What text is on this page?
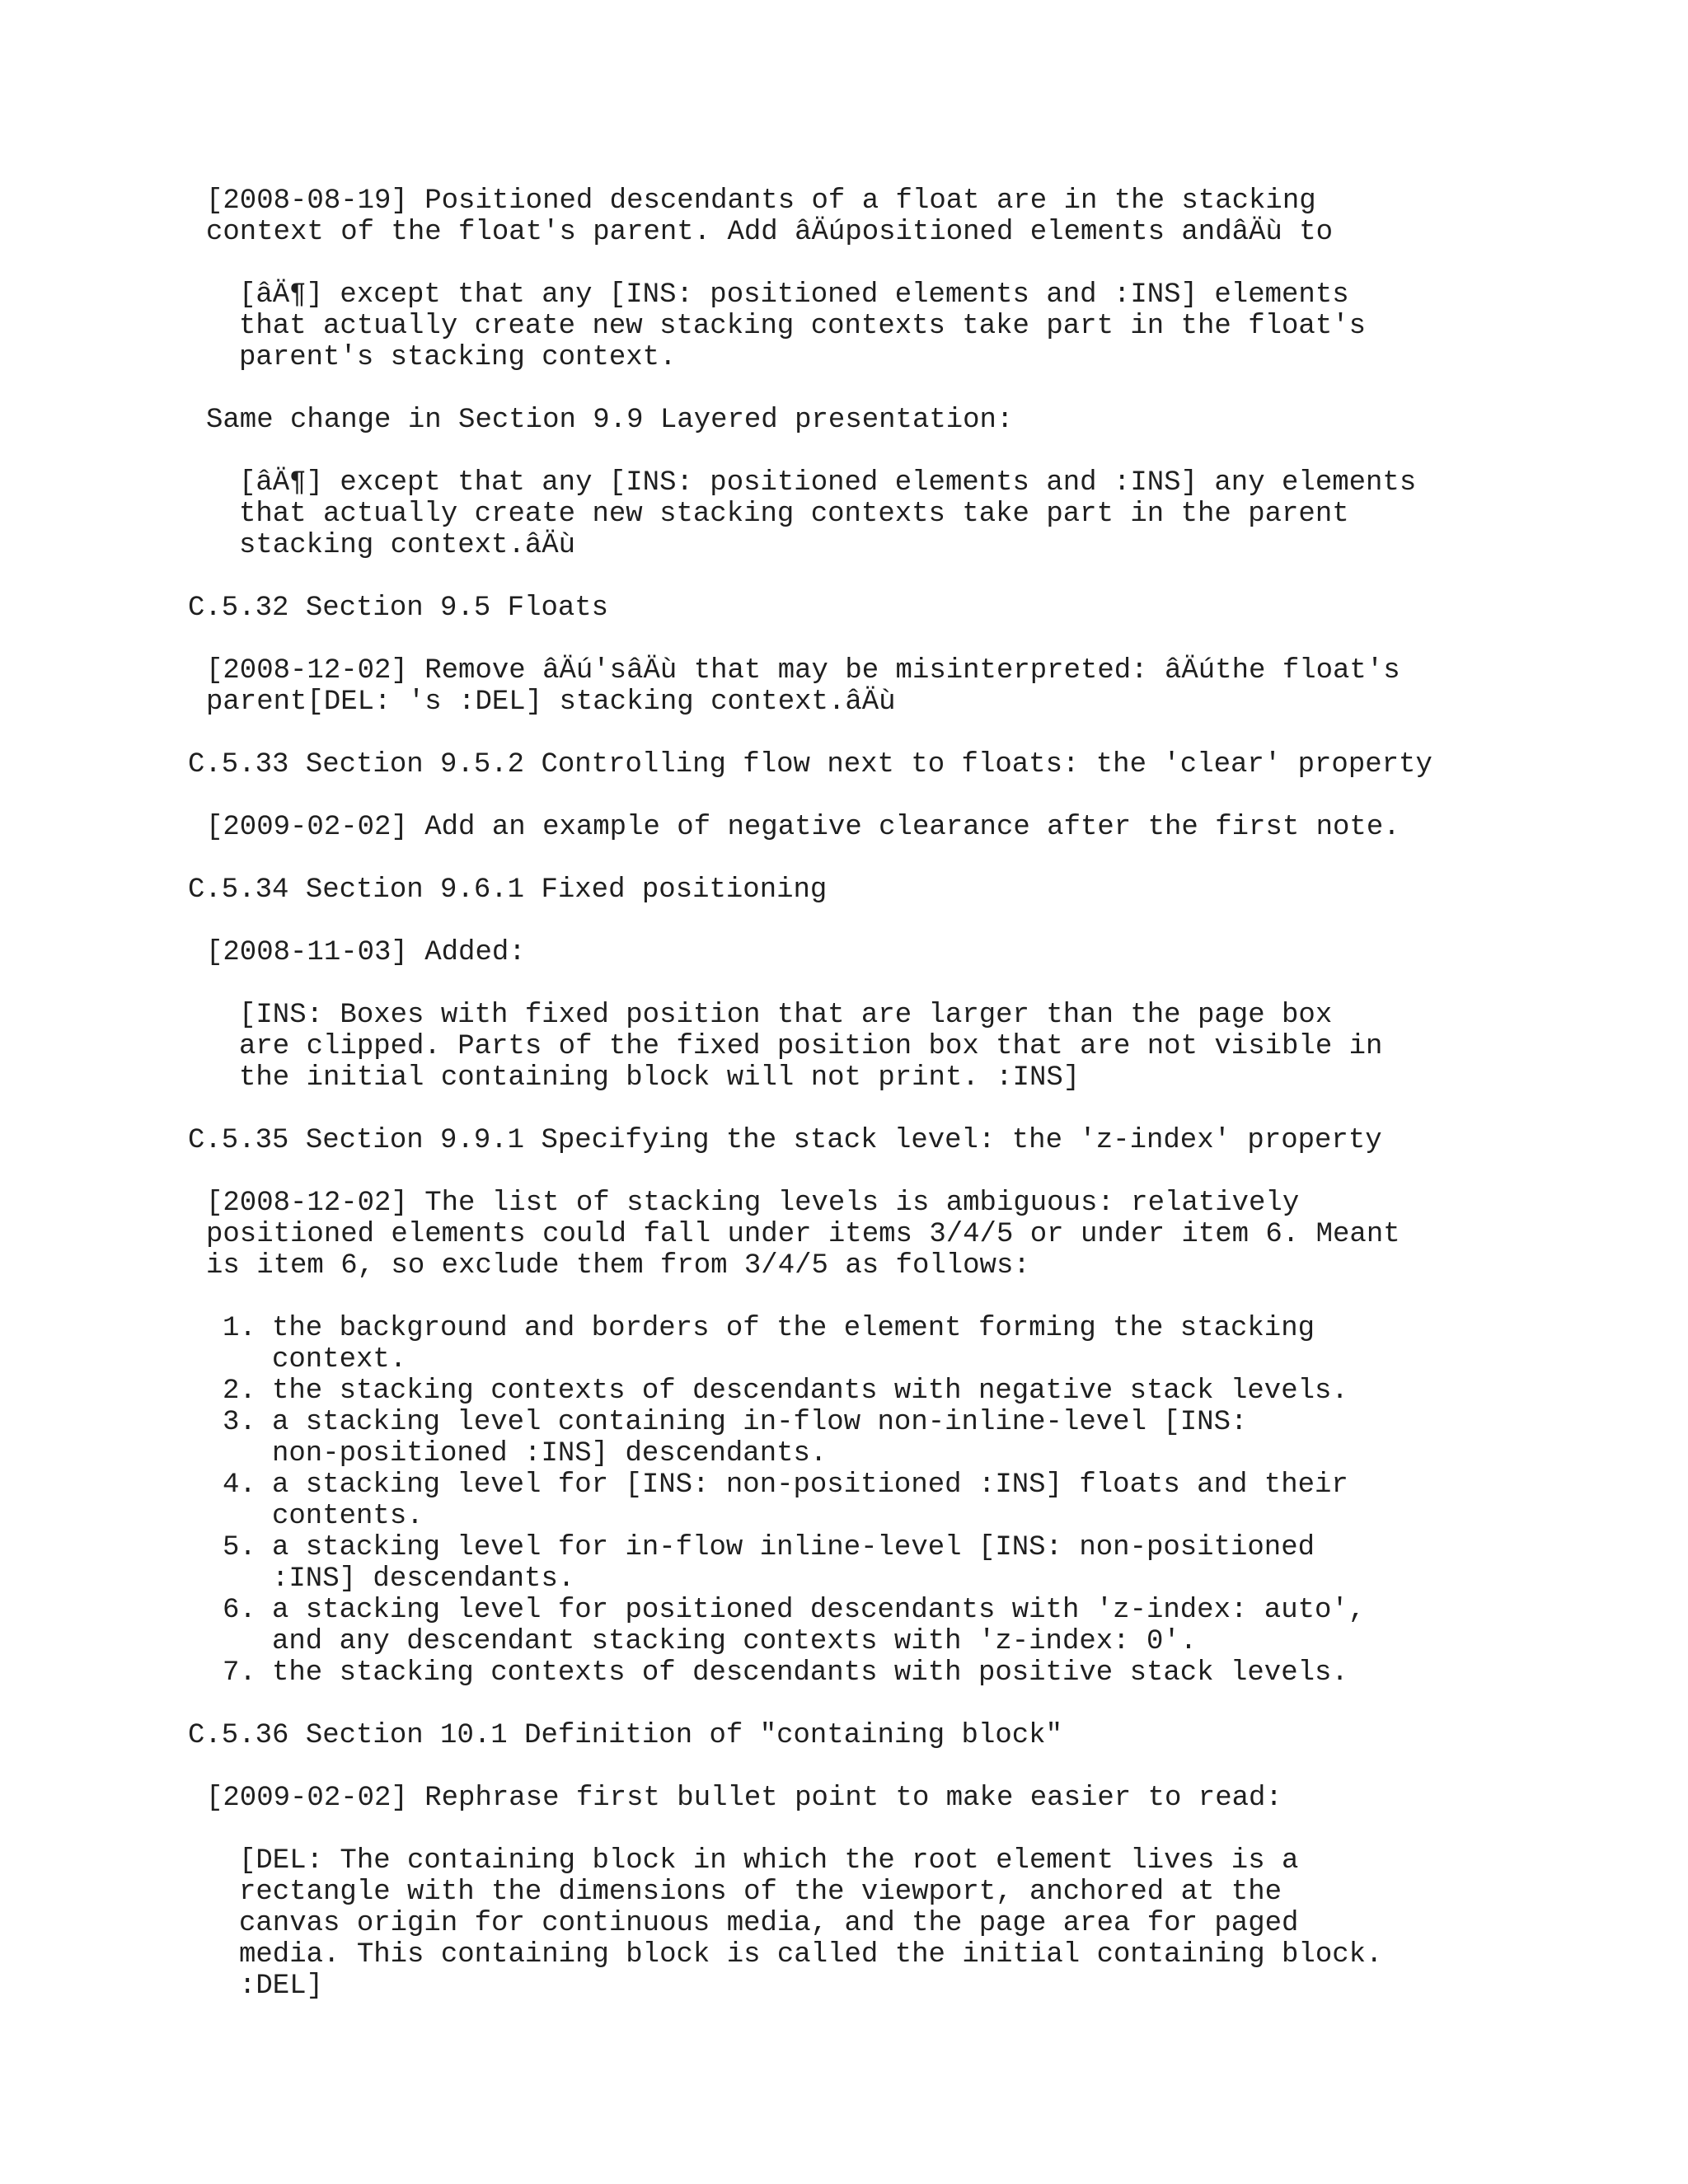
[2008-08-19] Positioned descendants of a float are in the stacking
context of the float's parent. Add âÄúpositioned elements andâÄù to
[âÄ¶] except that any [INS: positioned elements and :INS] elements
that actually create new stacking contexts take part in the float's
parent's stacking context.
Same change in Section 9.9 Layered presentation:
[âÄ¶] except that any [INS: positioned elements and :INS] any elements
that actually create new stacking contexts take part in the parent
stacking context.âÄù
C.5.32 Section 9.5 Floats
[2008-12-02] Remove âÄú'sâÄù that may be misinterpreted: âÄúthe float's
parent[DEL: 's :DEL] stacking context.âÄù
C.5.33 Section 9.5.2 Controlling flow next to floats: the 'clear' property
[2009-02-02] Add an example of negative clearance after the first note.
C.5.34 Section 9.6.1 Fixed positioning
[2008-11-03] Added:
[INS: Boxes with fixed position that are larger than the page box
are clipped. Parts of the fixed position box that are not visible in
the initial containing block will not print. :INS]
C.5.35 Section 9.9.1 Specifying the stack level: the 'z-index' property
[2008-12-02] The list of stacking levels is ambiguous: relatively
positioned elements could fall under items 3/4/5 or under item 6. Meant
is item 6, so exclude them from 3/4/5 as follows:
1. the background and borders of the element forming the stacking
context.
2. the stacking contexts of descendants with negative stack levels.
3. a stacking level containing in-flow non-inline-level [INS:
non-positioned :INS] descendants.
4. a stacking level for [INS: non-positioned :INS] floats and their
contents.
5. a stacking level for in-flow inline-level [INS: non-positioned
:INS] descendants.
6. a stacking level for positioned descendants with 'z-index: auto',
and any descendant stacking contexts with 'z-index: 0'.
7. the stacking contexts of descendants with positive stack levels.
C.5.36 Section 10.1 Definition of "containing block"
[2009-02-02] Rephrase first bullet point to make easier to read:
[DEL: The containing block in which the root element lives is a
rectangle with the dimensions of the viewport, anchored at the
canvas origin for continuous media, and the page area for paged
media. This containing block is called the initial containing block.
:DEL]
